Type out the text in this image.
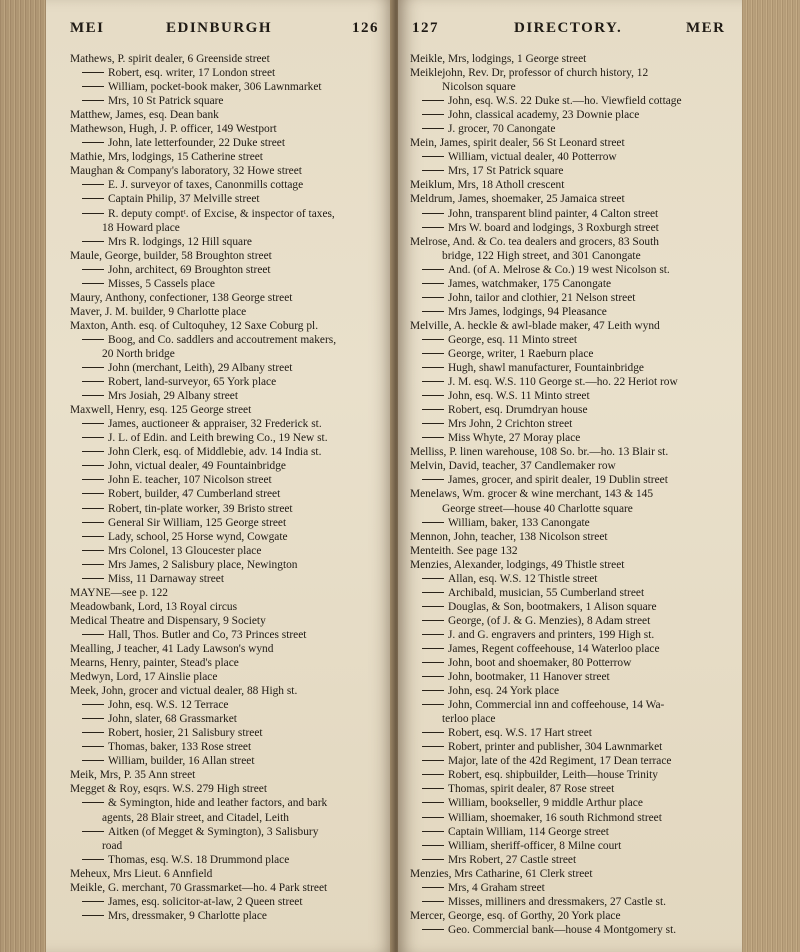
MEI	EDINBURGH	126
Mathews, P. spirit dealer, 6 Greenside street
Robert, esq. writer, 17 London street
William, pocket-book maker, 306 Lawnmarket
Mrs, 10 St Patrick square
Matthew, James, esq. Dean bank
Mathewson, Hugh, J. P. officer, 149 Westport
John, late letterfounder, 22 Duke street
Mathie, Mrs, lodgings, 15 Catherine street
Maughan & Company's laboratory, 32 Howe street
E. J. surveyor of taxes, Canonmills cottage
Captain Philip, 37 Melville street
R. deputy comptᵗ. of Excise, & inspector of taxes,
18 Howard place
Mrs R. lodgings, 12 Hill square
Maule, George, builder, 58 Broughton street
John, architect, 69 Broughton street
Misses, 5 Cassels place
Maury, Anthony, confectioner, 138 George street
Maver, J. M. builder, 9 Charlotte place
Maxton, Anth. esq. of Cultoquhey, 12 Saxe Coburg pl.
Boog, and Co. saddlers and accoutrement makers,
20 North bridge
John (merchant, Leith), 29 Albany street
Robert, land-surveyor, 65 York place
Mrs Josiah, 29 Albany street
Maxwell, Henry, esq. 125 George street
James, auctioneer & appraiser, 32 Frederick st.
J. L. of Edin. and Leith brewing Co., 19 New st.
John Clerk, esq. of Middlebie, adv. 14 India st.
John, victual dealer, 49 Fountainbridge
John E. teacher, 107 Nicolson street
Robert, builder, 47 Cumberland street
Robert, tin-plate worker, 39 Bristo street
General Sir William, 125 George street
Lady, school, 25 Horse wynd, Cowgate
Mrs Colonel, 13 Gloucester place
Mrs James, 2 Salisbury place, Newington
Miss, 11 Darnaway street
MAYNE—see p. 122
Meadowbank, Lord, 13 Royal circus
Medical Theatre and Dispensary, 9 Society
Hall, Thos. Butler and Co, 73 Princes street
Mealling, J teacher, 41 Lady Lawson's wynd
Mearns, Henry, painter, Stead's place
Medwyn, Lord, 17 Ainslie place
Meek, John, grocer and victual dealer, 88 High st.
John, esq. W.S. 12 Terrace
John, slater, 68 Grassmarket
Robert, hosier, 21 Salisbury street
Thomas, baker, 133 Rose street
William, builder, 16 Allan street
Meik, Mrs, P. 35 Ann street
Megget & Roy, esqrs. W.S. 279 High street
& Symington, hide and leather factors, and bark
agents, 28 Blair street, and Citadel, Leith
Aitken (of Megget & Symington), 3 Salisbury
road
Thomas, esq. W.S. 18 Drummond place
Meheux, Mrs Lieut. 6 Annfield
Meikle, G. merchant, 70 Grassmarket—ho. 4 Park street
James, esq. solicitor-at-law, 2 Queen street
Mrs, dressmaker, 9 Charlotte place
127	DIRECTORY.	MER
Meikle, Mrs, lodgings, 1 George street
Meiklejohn, Rev. Dr, professor of church history, 12
Nicolson square
John, esq. W.S. 22 Duke st.—ho. Viewfield cottage
John, classical academy, 23 Downie place
J. grocer, 70 Canongate
Mein, James, spirit dealer, 56 St Leonard street
William, victual dealer, 40 Potterrow
Mrs, 17 St Patrick square
Meiklum, Mrs, 18 Atholl crescent
Meldrum, James, shoemaker, 25 Jamaica street
John, transparent blind painter, 4 Calton street
Mrs W. board and lodgings, 3 Roxburgh street
Melrose, And. & Co. tea dealers and grocers, 83 South
bridge, 122 High street, and 301 Canongate
And. (of A. Melrose & Co.) 19 west Nicolson st.
James, watchmaker, 175 Canongate
John, tailor and clothier, 21 Nelson street
Mrs James, lodgings, 94 Pleasance
Melville, A. heckle & awl-blade maker, 47 Leith wynd
George, esq. 11 Minto street
George, writer, 1 Raeburn place
Hugh, shawl manufacturer, Fountainbridge
J. M. esq. W.S. 110 George st.—ho. 22 Heriot row
John, esq. W.S. 11 Minto street
Robert, esq. Drumdryan house
Mrs John, 2 Crichton street
Miss Whyte, 27 Moray place
Melliss, P. linen warehouse, 108 So. br.—ho. 13 Blair st.
Melvin, David, teacher, 37 Candlemaker row
James, grocer, and spirit dealer, 19 Dublin street
Menelaws, Wm. grocer & wine merchant, 143 & 145
George street—house 40 Charlotte square
William, baker, 133 Canongate
Mennon, John, teacher, 138 Nicolson street
Menteith. See page 132
Menzies, Alexander, lodgings, 49 Thistle street
Allan, esq. W.S. 12 Thistle street
Archibald, musician, 55 Cumberland street
Douglas, & Son, bootmakers, 1 Alison square
George, (of J. & G. Menzies), 8 Adam street
J. and G. engravers and printers, 199 High st.
James, Regent coffeehouse, 14 Waterloo place
John, boot and shoemaker, 80 Potterrow
John, bootmaker, 11 Hanover street
John, esq. 24 York place
John, Commercial inn and coffeehouse, 14 Wa-
terloo place
Robert, esq. W.S. 17 Hart street
Robert, printer and publisher, 304 Lawnmarket
Major, late of the 42d Regiment, 17 Dean terrace
Robert, esq. shipbuilder, Leith—house Trinity
Thomas, spirit dealer, 87 Rose street
William, bookseller, 9 middle Arthur place
William, shoemaker, 16 south Richmond street
Captain William, 114 George street
William, sheriff-officer, 8 Milne court
Mrs Robert, 27 Castle street
Menzies, Mrs Catharine, 61 Clerk street
Mrs, 4 Graham street
Misses, milliners and dressmakers, 27 Castle st.
Mercer, George, esq. of Gorthy, 20 York place
Geo. Commercial bank—house 4 Montgomery st.
